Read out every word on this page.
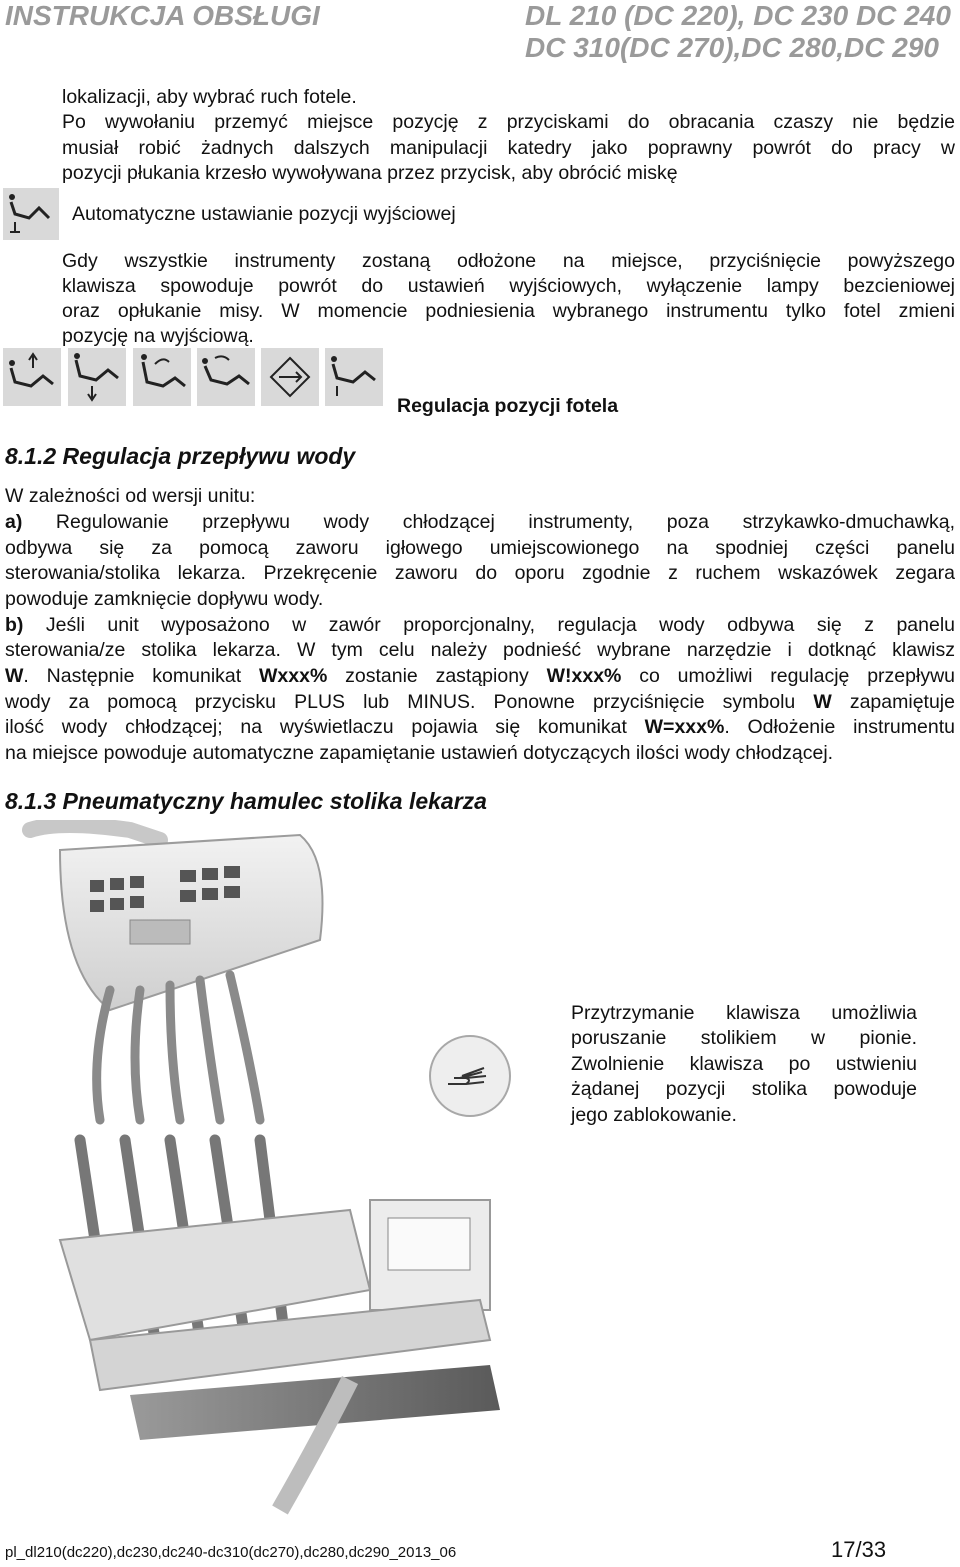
INSTRUKCJA OBSŁUGI	DL 210 (DC 220), DC 230 DC 240
DC 310(DC 270),DC 280,DC 290
lokalizacji, aby wybrać ruch fotele.
Po wywołaniu przemyć miejsce pozycję z przyciskami do obracania czaszy nie będzie
musiał robić żadnych dalszych manipulacji katedry jako poprawny powrót do pracy w
pozycji płukania krzesło wywoływana przez przycisk, aby obrócić miskę
Automatyczne ustawianie pozycji wyjściowej
Gdy wszystkie instrumenty zostaną odłożone na miejsce, przyciśnięcie powyższego
klawisza spowoduje powrót do ustawień wyjściowych, wyłączenie lampy bezcieniowej
oraz opłukanie misy. W momencie podniesienia wybranego instrumentu tylko fotel zmieni
pozycję na wyjściową.
Regulacja pozycji fotela
8.1.2 Regulacja przepływu wody
W zależności od wersji unitu:
a) Regulowanie przepływu wody chłodzącej instrumenty, poza strzykawko-dmuchawką,
odbywa się za pomocą zaworu igłowego umiejscowionego na spodniej części panelu
sterowania/stolika lekarza. Przekręcenie zaworu do oporu zgodnie z ruchem wskazówek zegara
powoduje zamknięcie dopływu wody.
b) Jeśli unit wyposażono w zawór proporcjonalny, regulacja wody odbywa się z panelu
sterowania/ze stolika lekarza. W tym celu należy podnieść wybrane narzędzie i dotknąć klawisz
W. Następnie komunikat Wxxx% zostanie zastąpiony W!xxx% co umożliwi regulację przepływu
wody za pomocą przycisku PLUS lub MINUS. Ponowne przyciśnięcie symbolu W zapamiętuje
ilość wody chłodzącej; na wyświetlaczu pojawia się komunikat W=xxx%. Odłożenie instrumentu
na miejsce powoduje automatyczne zapamiętanie ustawień dotyczących ilości wody chłodzącej.
8.1.3 Pneumatyczny hamulec stolika lekarza
Przytrzymanie klawisza umożliwia
poruszanie stolikiem w pionie.
Zwolnienie klawisza po ustwieniu
żądanej pozycji stolika powoduje
jego zablokowanie.
pl_dl210(dc220),dc230,dc240-dc310(dc270),dc280,dc290_2013_06	17/33
